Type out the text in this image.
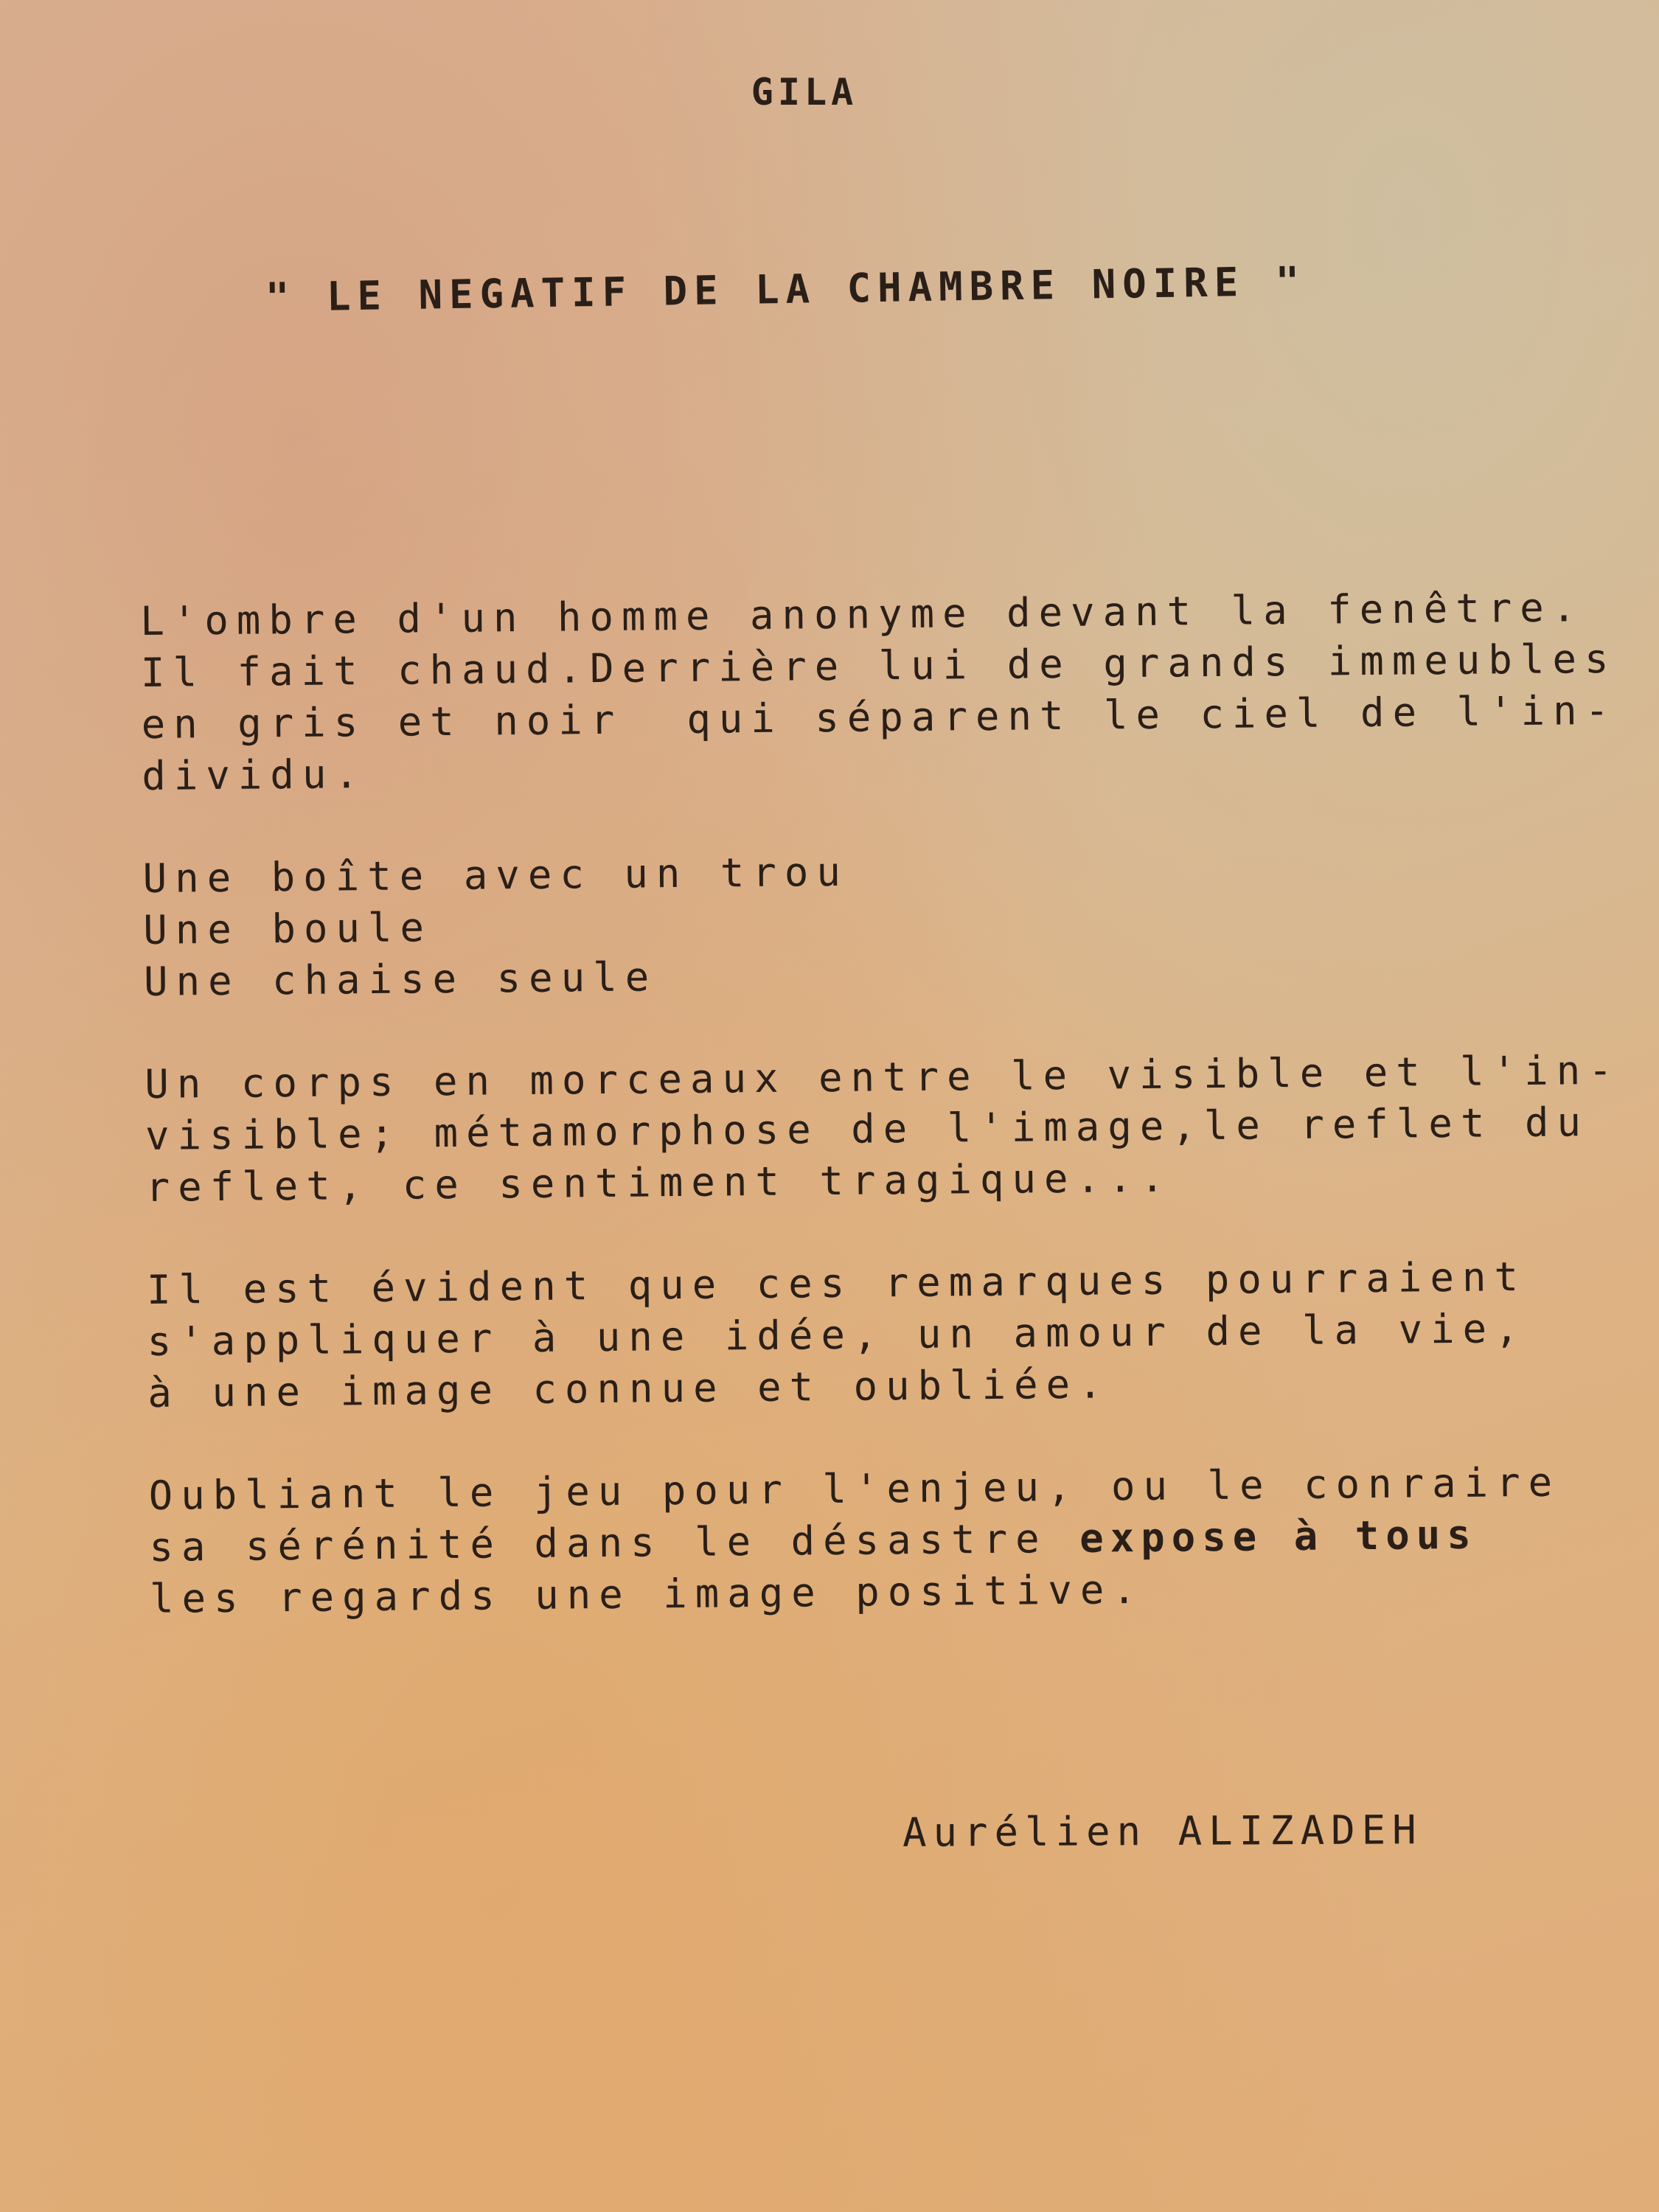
GILA
" LE NEGATIF DE LA CHAMBRE NOIRE "
L'ombre d'un homme anonyme devant la fenêtre.
Il fait chaud.Derrière lui de grands immeubles
en gris et noir  qui séparent le ciel de l'in-
dividu.
Une boîte avec un trou
Une boule
Une chaise seule
Un corps en morceaux entre le visible et l'in-
visible; métamorphose de l'image,le reflet du
reflet, ce sentiment tragique...
Il est évident que ces remarques pourraient
s'appliquer à une idée, un amour de la vie,
à une image connue et oubliée.
Oubliant le jeu pour l'enjeu, ou le conraire
sa sérénité dans le désastre expose à tous
les regards une image positive.
Aurélien ALIZADEH
